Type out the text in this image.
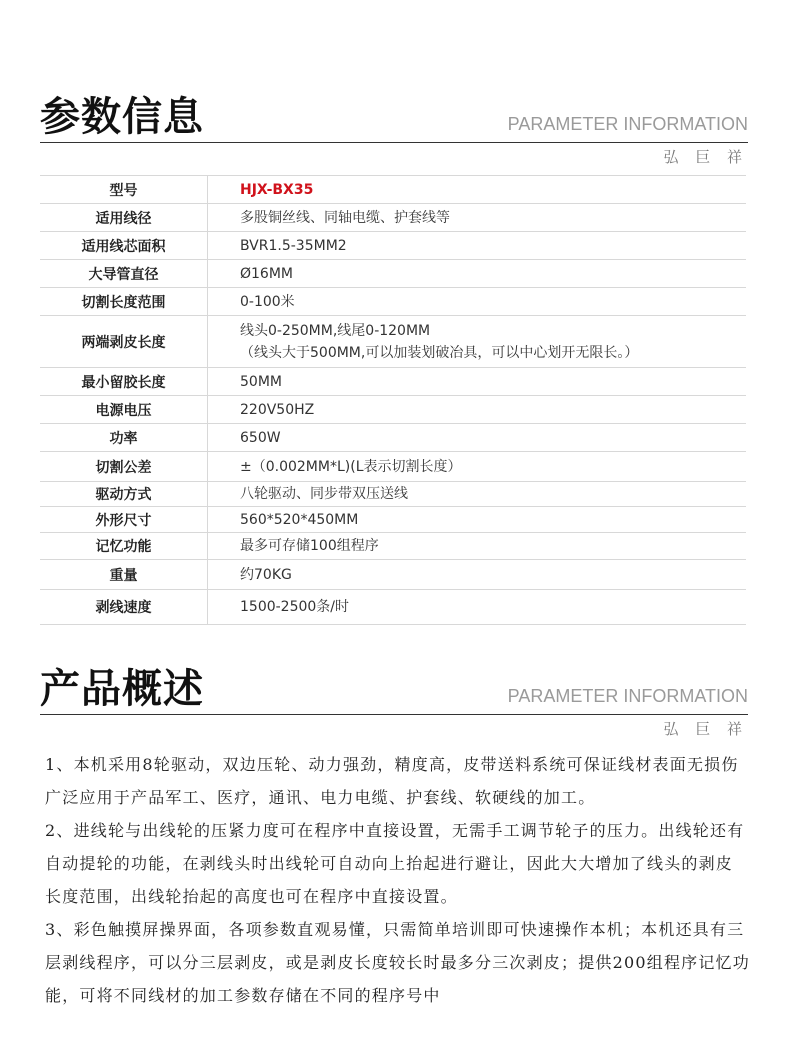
参数信息	PARAMETER INFORMATION
弘 巨 祥
型号	HJX-BX35
适用线径	多股铜丝线、同轴电缆、护套线等
适用线芯面积	BVR1.5-35MM2
大导管直径	Ø16MM
切割长度范围	0-100米
两端剥皮长度	线头0-250MM,线尾0-120MM
（线头大于500MM,可以加装划破冶具，可以中心划开无限长。）

最小留胶长度	50MM
电源电压	220V50HZ
功率	650W
切割公差	±（0.002MM*L)(L表示切割长度）
驱动方式	八轮驱动、同步带双压送线
外形尺寸	560*520*450MM
记忆功能	最多可存储100组程序
重量	约70KG
剥线速度	1500-2500条/时
产品概述	PARAMETER INFORMATION
弘 巨 祥

1、本机采用8轮驱动，双边压轮、动力强劲，精度高，皮带送料系统可保证线材表面无损伤广泛应用于产品军工、医疗，通讯、电力电缆、护套线、软硬线的加工。

2、进线轮与出线轮的压紧力度可在程序中直接设置，无需手工调节轮子的压力。出线轮还有自动提轮的功能，在剥线头时出线轮可自动向上抬起进行避让，因此大大增加了线头的剥皮长度范围，出线轮抬起的高度也可在程序中直接设置。

3、彩色触摸屏操界面，各项参数直观易懂，只需简单培训即可快速操作本机；本机还具有三层剥线程序，可以分三层剥皮，或是剥皮长度较长时最多分三次剥皮；提供200组程序记忆功能，可将不同线材的加工参数存储在不同的程序号中
